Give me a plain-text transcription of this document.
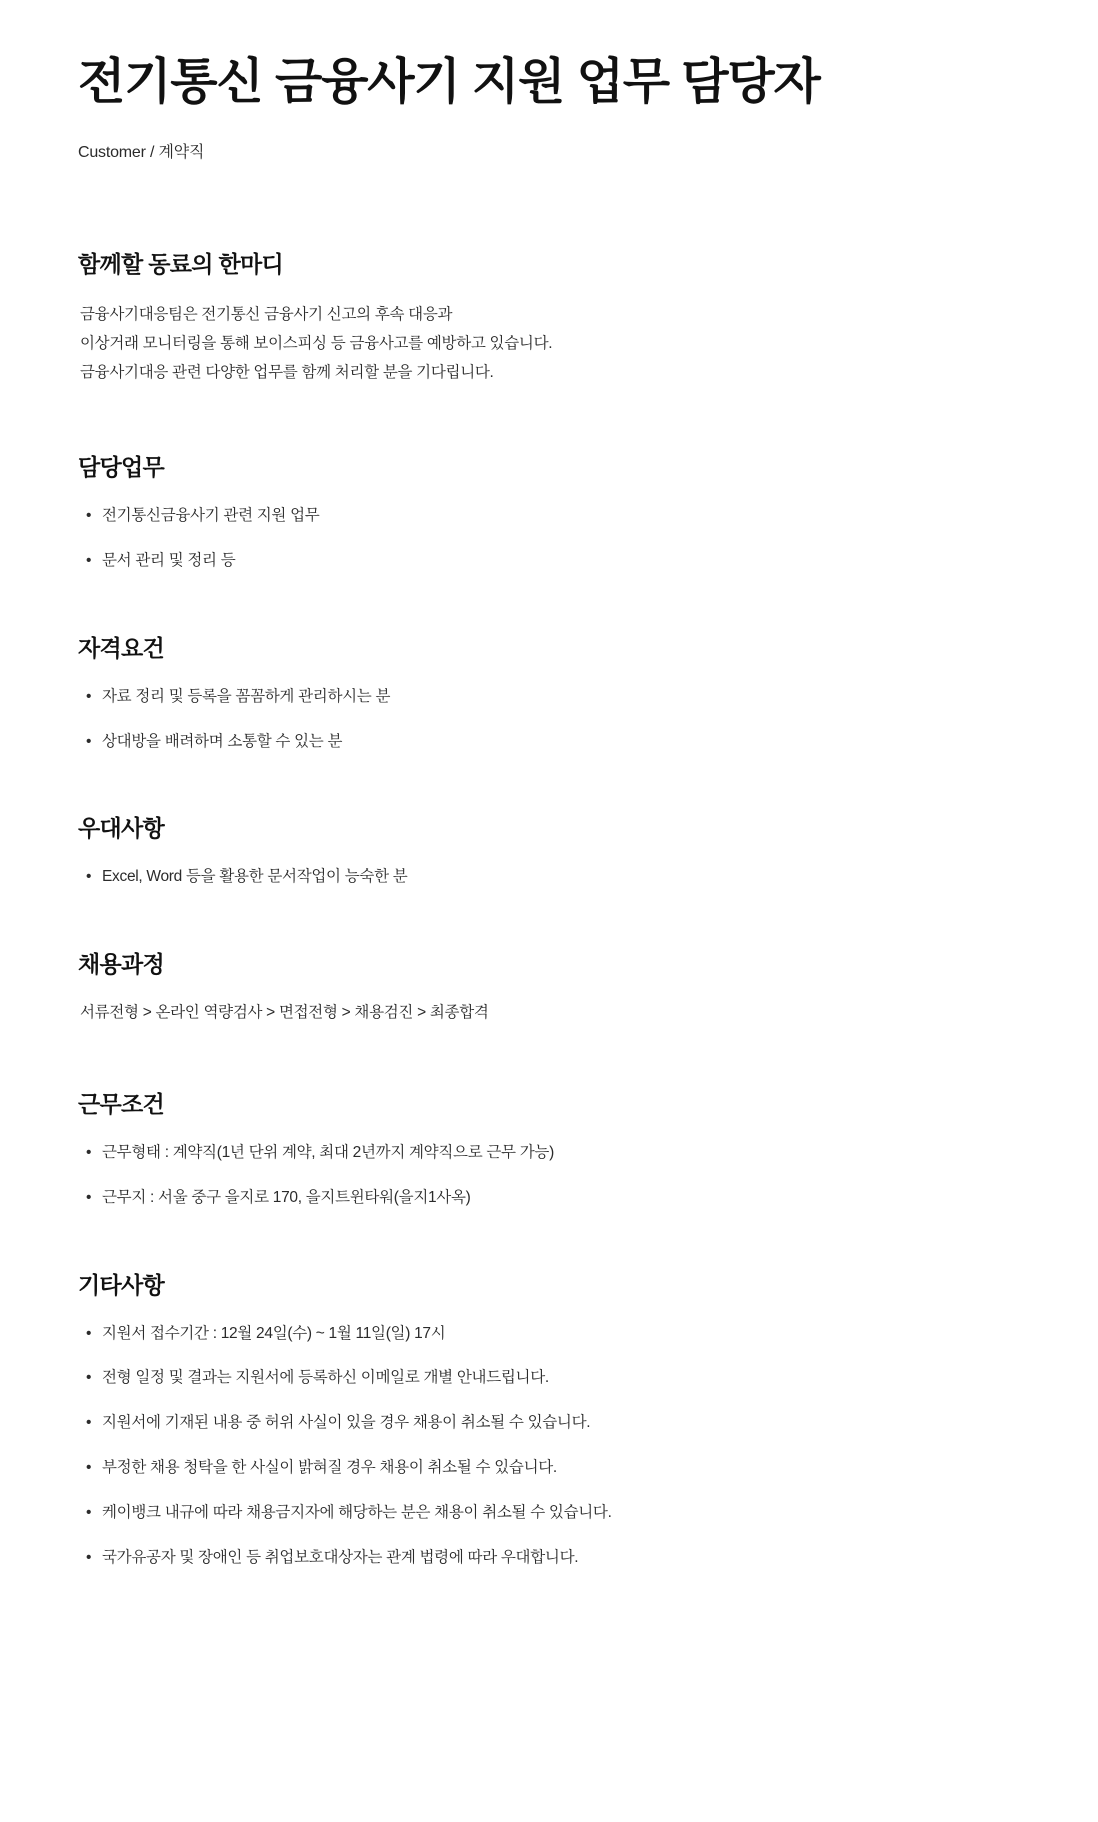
전기통신 금융사기 지원 업무 담당자
Customer / 계약직
함께할 동료의 한마디
금융사기대응팀은 전기통신 금융사기 신고의 후속 대응과
이상거래 모니터링을 통해 보이스피싱 등 금융사고를 예방하고 있습니다.
금융사기대응 관련 다양한 업무를 함께 처리할 분을 기다립니다.
담당업무
• 전기통신금융사기 관련 지원 업무
• 문서 관리 및 정리 등
자격요건
• 자료 정리 및 등록을 꼼꼼하게 관리하시는 분
• 상대방을 배려하며 소통할 수 있는 분
우대사항
• Excel, Word 등을 활용한 문서작업이 능숙한 분
채용과정
서류전형 > 온라인 역량검사 > 면접전형 > 채용검진 > 최종합격
근무조건
• 근무형태 : 계약직(1년 단위 계약, 최대 2년까지 계약직으로 근무 가능)
• 근무지 : 서울 중구 을지로 170, 을지트윈타워(을지1사옥)
기타사항
• 지원서 접수기간 : 12월 24일(수) ~ 1월 11일(일) 17시
• 전형 일정 및 결과는 지원서에 등록하신 이메일로 개별 안내드립니다.
• 지원서에 기재된 내용 중 허위 사실이 있을 경우 채용이 취소될 수 있습니다.
• 부정한 채용 청탁을 한 사실이 밝혀질 경우 채용이 취소될 수 있습니다.
• 케이뱅크 내규에 따라 채용금지자에 해당하는 분은 채용이 취소될 수 있습니다.
• 국가유공자 및 장애인 등 취업보호대상자는 관계 법령에 따라 우대합니다.
